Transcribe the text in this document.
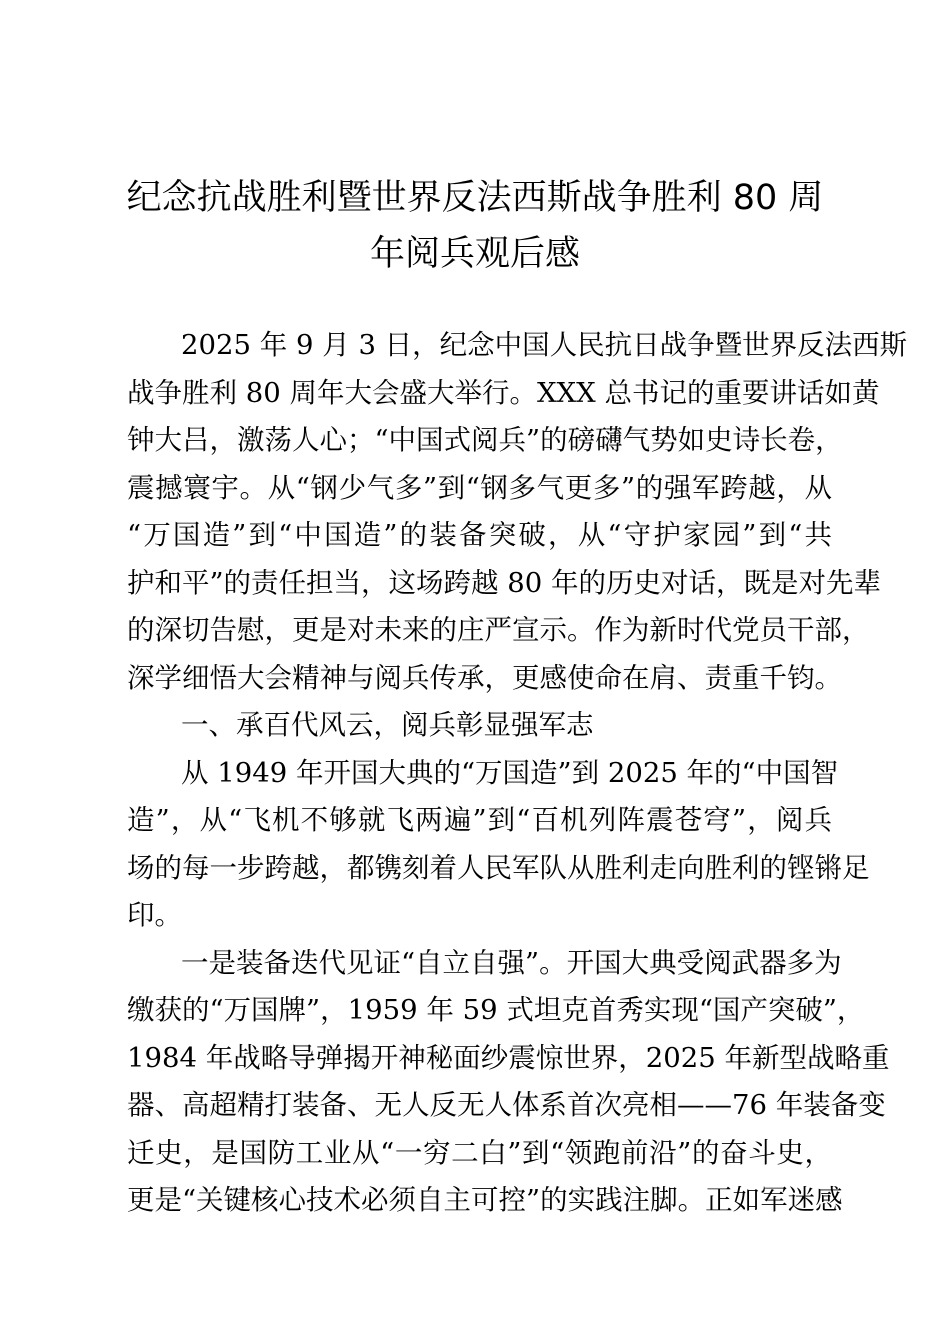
纪念抗战胜利暨世界反法西斯战争胜利 80 周
年阅兵观后感
2025 年 9 月 3 日，纪念中国人民抗日战争暨世界反法西斯
战争胜利 80 周年大会盛大举行。XXX 总书记的重要讲话如黄
钟大吕，激荡人心；“中国式阅兵”的磅礴气势如史诗长卷，
震撼寰宇。从“钢少气多”到“钢多气更多”的强军跨越，从
“万国造”到“中国造”的装备突破，从“守护家园”到“共
护和平”的责任担当，这场跨越 80 年的历史对话，既是对先辈
的深切告慰，更是对未来的庄严宣示。作为新时代党员干部，
深学细悟大会精神与阅兵传承，更感使命在肩、责重千钧。
一、承百代风云，阅兵彰显强军志
从 1949 年开国大典的“万国造”到 2025 年的“中国智
造”，从“飞机不够就飞两遍”到“百机列阵震苍穹”，阅兵
场的每一步跨越，都镌刻着人民军队从胜利走向胜利的铿锵足
印。
一是装备迭代见证“自立自强”。开国大典受阅武器多为
缴获的“万国牌”，1959 年 59 式坦克首秀实现“国产突破”，
1984 年战略导弹揭开神秘面纱震惊世界，2025 年新型战略重
器、高超精打装备、无人反无人体系首次亮相——76 年装备变
迁史，是国防工业从“一穷二白”到“领跑前沿”的奋斗史，
更是“关键核心技术必须自主可控”的实践注脚。正如军迷感
